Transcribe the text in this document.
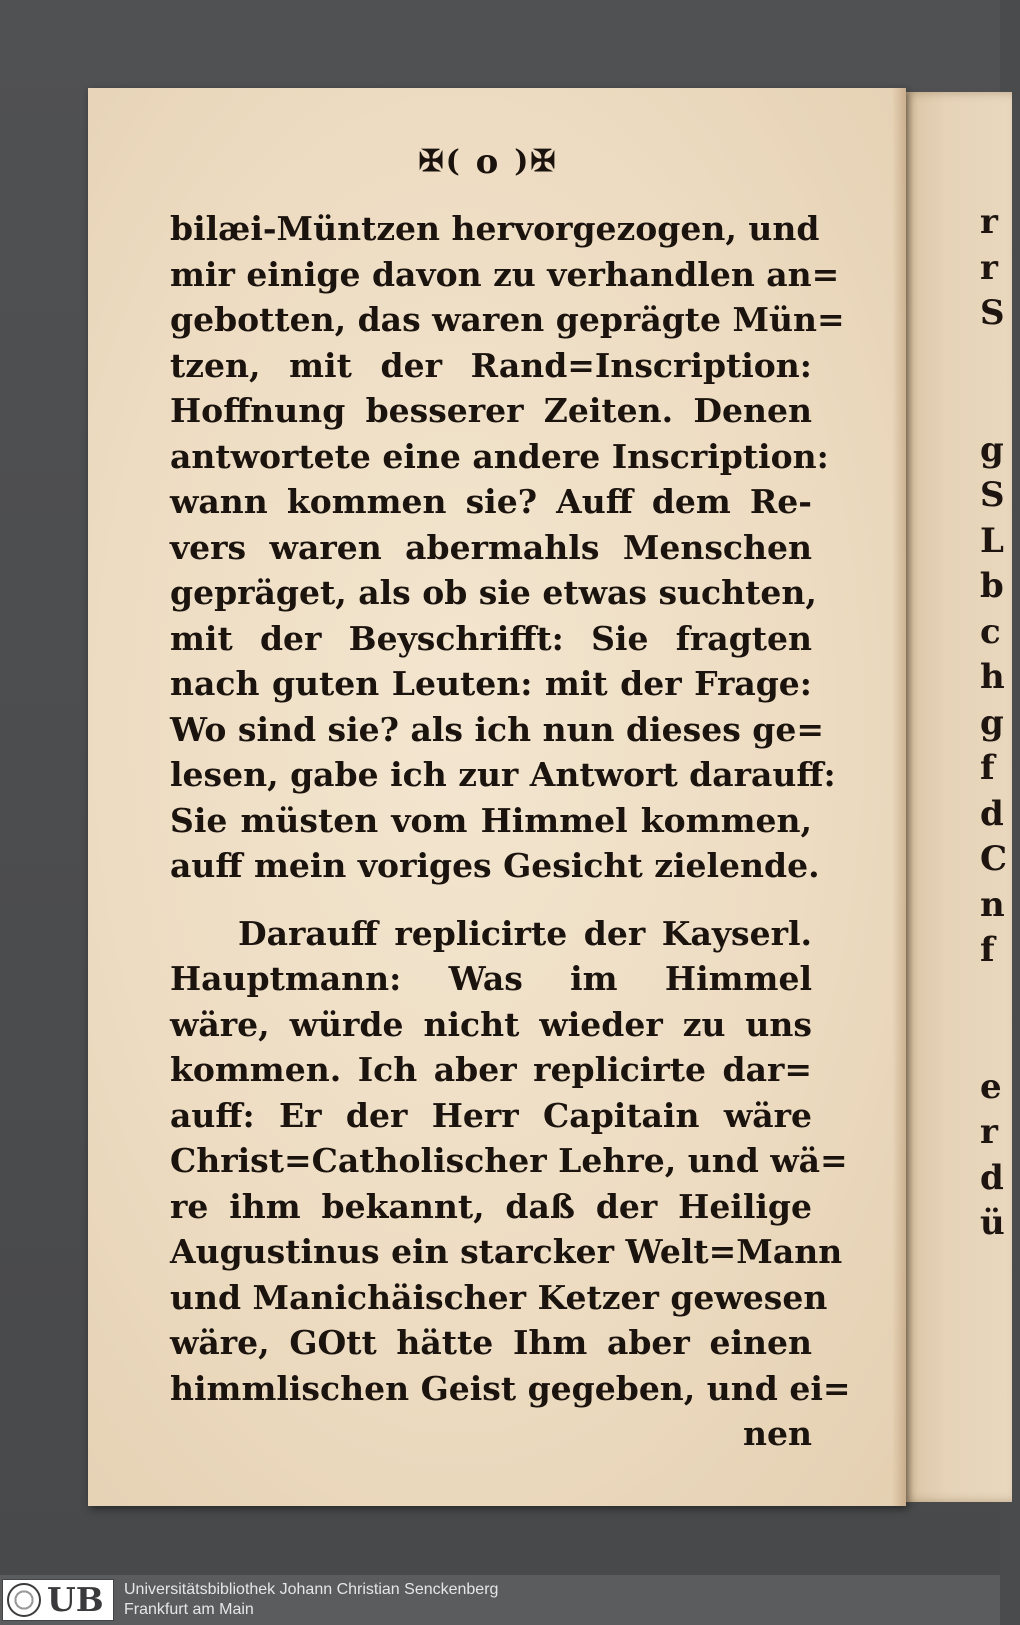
r
r
S

g
S
L
b
c
h
g
f
d
C
n
f

e
r
d
ü
✠( o )✠
bilæi-Müntzen hervorgezogen, und
mir einige davon zu verhandlen an=
gebotten, das waren geprägte Mün=
tzen, mit der Rand=Inscription:
Hoffnung besserer Zeiten. Denen
antwortete eine andere Inscription:
wann kommen sie? Auff dem Re-
vers waren abermahls Menschen
gepräget, als ob sie etwas suchten,
mit der Beyschrifft: Sie fragten
nach guten Leuten: mit der Frage:
Wo sind sie? als ich nun dieses ge=
lesen, gabe ich zur Antwort darauff:
Sie müsten vom Himmel kommen,
auff mein voriges Gesicht zielende.
Darauff replicirte der Kayserl.
Hauptmann: Was im Himmel
wäre, würde nicht wieder zu uns
kommen. Ich aber replicirte dar=
auff: Er der Herr Capitain wäre
Christ=Catholischer Lehre, und wä=
re ihm bekannt, daß der Heilige
Augustinus ein starcker Welt=Mann
und Manichäischer Ketzer gewesen
wäre, GOtt hätte Ihm aber einen
himmlischen Geist gegeben, und ei=
nen
UB Universitätsbibliothek Johann Christian Senckenberg
Frankfurt am Main
